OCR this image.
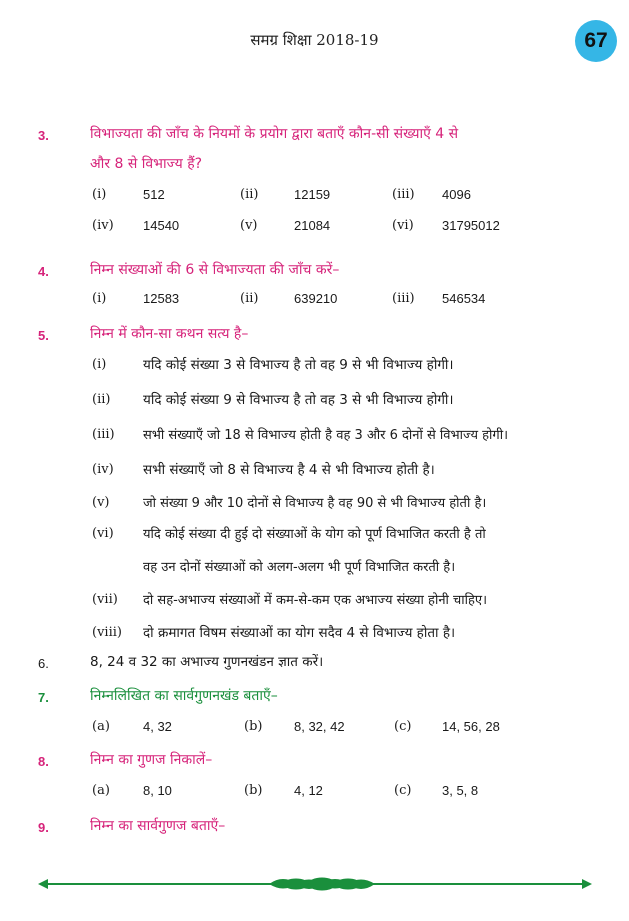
समग्र शिक्षा 2018-19	67
3.	विभाज्यता की जाँच के नियमों के प्रयोग द्वारा बताएँ कौन-सी संख्याएँ 4 से
और 8 से विभाज्य हैं?
(i)	512	(ii)	12159	(iii) 4096
(iv) 14540	(v)	21084	(vi) 31795012
4.	निम्न संख्याओं की 6 से विभाज्यता की जाँच करें–
(i)	12583	(ii)	639210	(iii) 546534
5.	निम्न में कौन-सा कथन सत्य है–
(i)	यदि कोई संख्या 3 से विभाज्य है तो वह 9 से भी विभाज्य होगी।
(ii) यदि कोई संख्या 9 से विभाज्य है तो वह 3 से भी विभाज्य होगी।
(iii) सभी संख्याएँ जो 18 से विभाज्य होती है वह 3 और 6 दोनों से विभाज्य होगी।
(iv) सभी संख्याएँ जो 8 से विभाज्य है 4 से भी विभाज्य होती है।
(v)	जो संख्या 9 और 10 दोनों से विभाज्य है वह 90 से भी विभाज्य होती है।
(vi) यदि कोई संख्या दी हुई दो संख्याओं के योग को पूर्ण विभाजित करती है तो
वह उन दोनों संख्याओं को अलग-अलग भी पूर्ण विभाजित करती है।
(vii) दो सह-अभाज्य संख्याओं में कम-से-कम एक अभाज्य संख्या होनी चाहिए।
(viii) दो क्रमागत विषम संख्याओं का योग सदैव 4 से विभाज्य होता है।
6.	8, 24 व 32 का अभाज्य गुणनखंडन ज्ञात करें।
7.	निम्नलिखित का सार्वगुणनखंड बताएँ–
(a)	4, 32	(b) 8, 32, 42	(c) 14, 56, 28
8.	निम्न का गुणज निकालें–
(a)	8, 10	(b) 4, 12	(c) 3, 5, 8
9.	निम्न का सार्वगुणज बताएँ–
